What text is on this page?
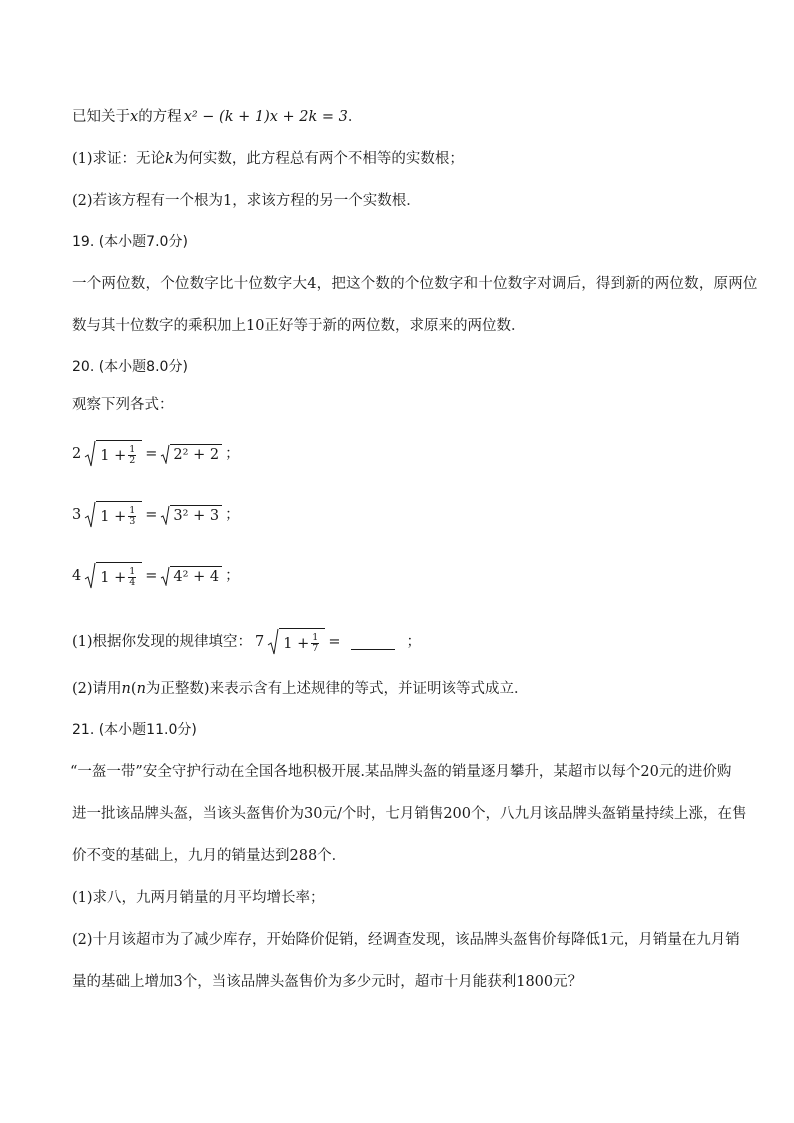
已知关于x的方程 x² − (k + 1)x + 2k = 3．
(1)求证：无论k为何实数，此方程总有两个不相等的实数根；
(2)若该方程有一个根为1，求该方程的另一个实数根．
19. (本小题7.0分)
一个两位数，个位数字比十位数字大4，把这个数的个位数字和十位数字对调后，得到新的两位数，原两位
数与其十位数字的乘积加上10正好等于新的两位数，求原来的两位数．
20. (本小题8.0分)
观察下列各式：
2 $1 + \frac{1}{2} = 2^2 + 2$ ；
3 $1 + \frac{1}{3} = 3^2 + 3$ ；
4 $1 + \frac{1}{4} = 4^2 + 4$ ；
(1)根据你发现的规律填空： 7 $1 + \frac{1}{7}$ =	；
(2)请用n(n为正整数)来表示含有上述规律的等式，并证明该等式成立．
21. (本小题11.0分)
“一盔一带”安全守护行动在全国各地积极开展.某品牌头盔的销量逐月攀升，某超市以每个20元的进价购
进一批该品牌头盔，当该头盔售价为30元/个时，七月销售200个，八九月该品牌头盔销量持续上涨，在售
价不变的基础上，九月的销量达到288个．
(1)求八，九两月销量的月平均增长率；
(2)十月该超市为了减少库存，开始降价促销，经调查发现，该品牌头盔售价每降低1元，月销量在九月销
量的基础上增加3个，当该品牌头盔售价为多少元时，超市十月能获利1800元？
